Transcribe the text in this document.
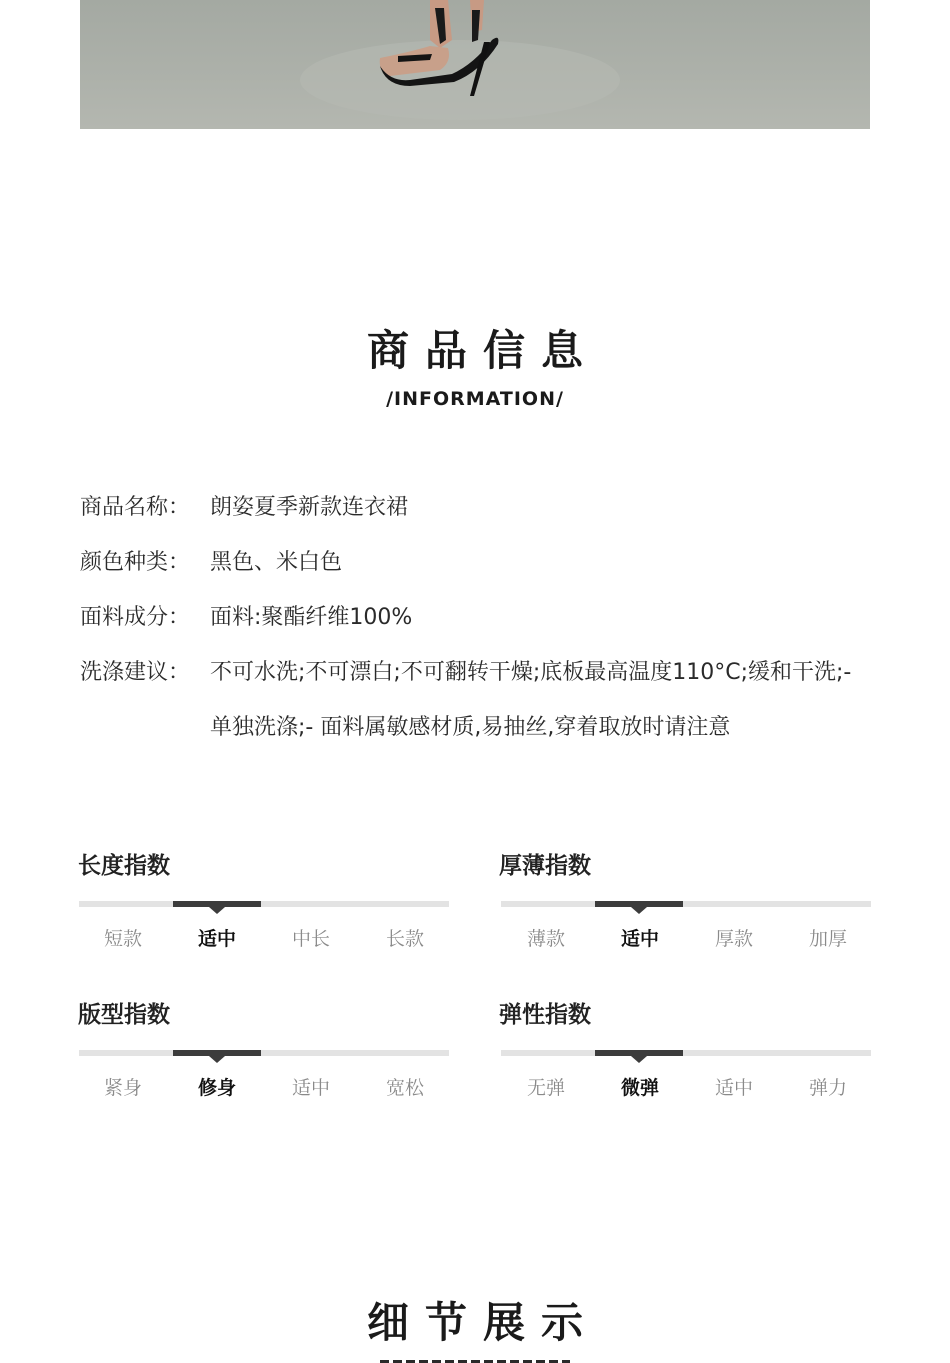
商品信息
/INFORMATION/
商品名称： 朗姿夏季新款连衣裙
颜色种类： 黑色、米白色
面料成分： 面料:聚酯纤维100%
洗涤建议： 不可水洗;不可漂白;不可翻转干燥;底板最高温度110°C;缓和干洗;- 单独洗涤;- 面料属敏感材质,易抽丝,穿着取放时请注意
长度指数
短款	适中	中长	长款
厚薄指数
薄款	适中	厚款	加厚
版型指数
紧身	修身	适中	宽松
弹性指数
无弹	微弹	适中	弹力
细节展示
